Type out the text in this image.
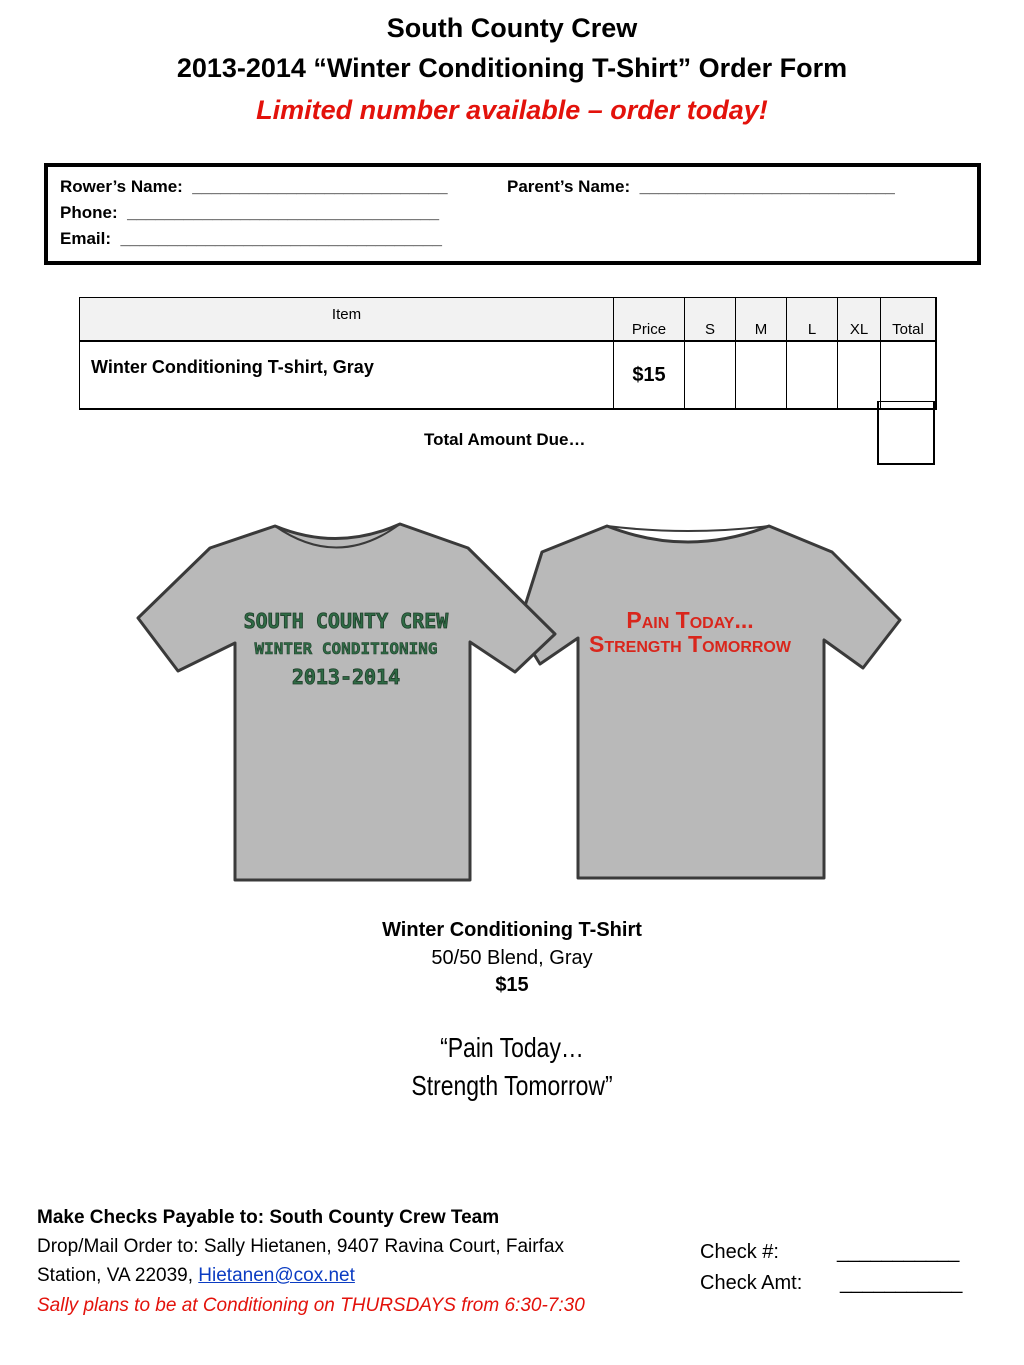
South County Crew
2013-2014 “Winter Conditioning T-Shirt” Order Form
Limited number available – order today!
Rower’s Name: ___________________________	Parent’s Name: ___________________________
Phone: _________________________________
Email: __________________________________
Item	Price	S	M	L	XL	Total
Winter Conditioning T-shirt, Gray	$15					
Total Amount Due…
Pain Today...
Strength Tomorrow
SOUTH COUNTY CREW
WINTER CONDITIONING
2013-2014
Winter Conditioning T-Shirt
50/50 Blend, Gray
$15
“Pain Today…
Strength Tomorrow”
Make Checks Payable to: South County Crew Team
Drop/Mail Order to: Sally Hietanen, 9407 Ravina Court, Fairfax
Station, VA 22039, Hietanen@cox.net
Sally plans to be at Conditioning on THURSDAYS from 6:30-7:30
Check #:	___________
Check Amt: ___________
